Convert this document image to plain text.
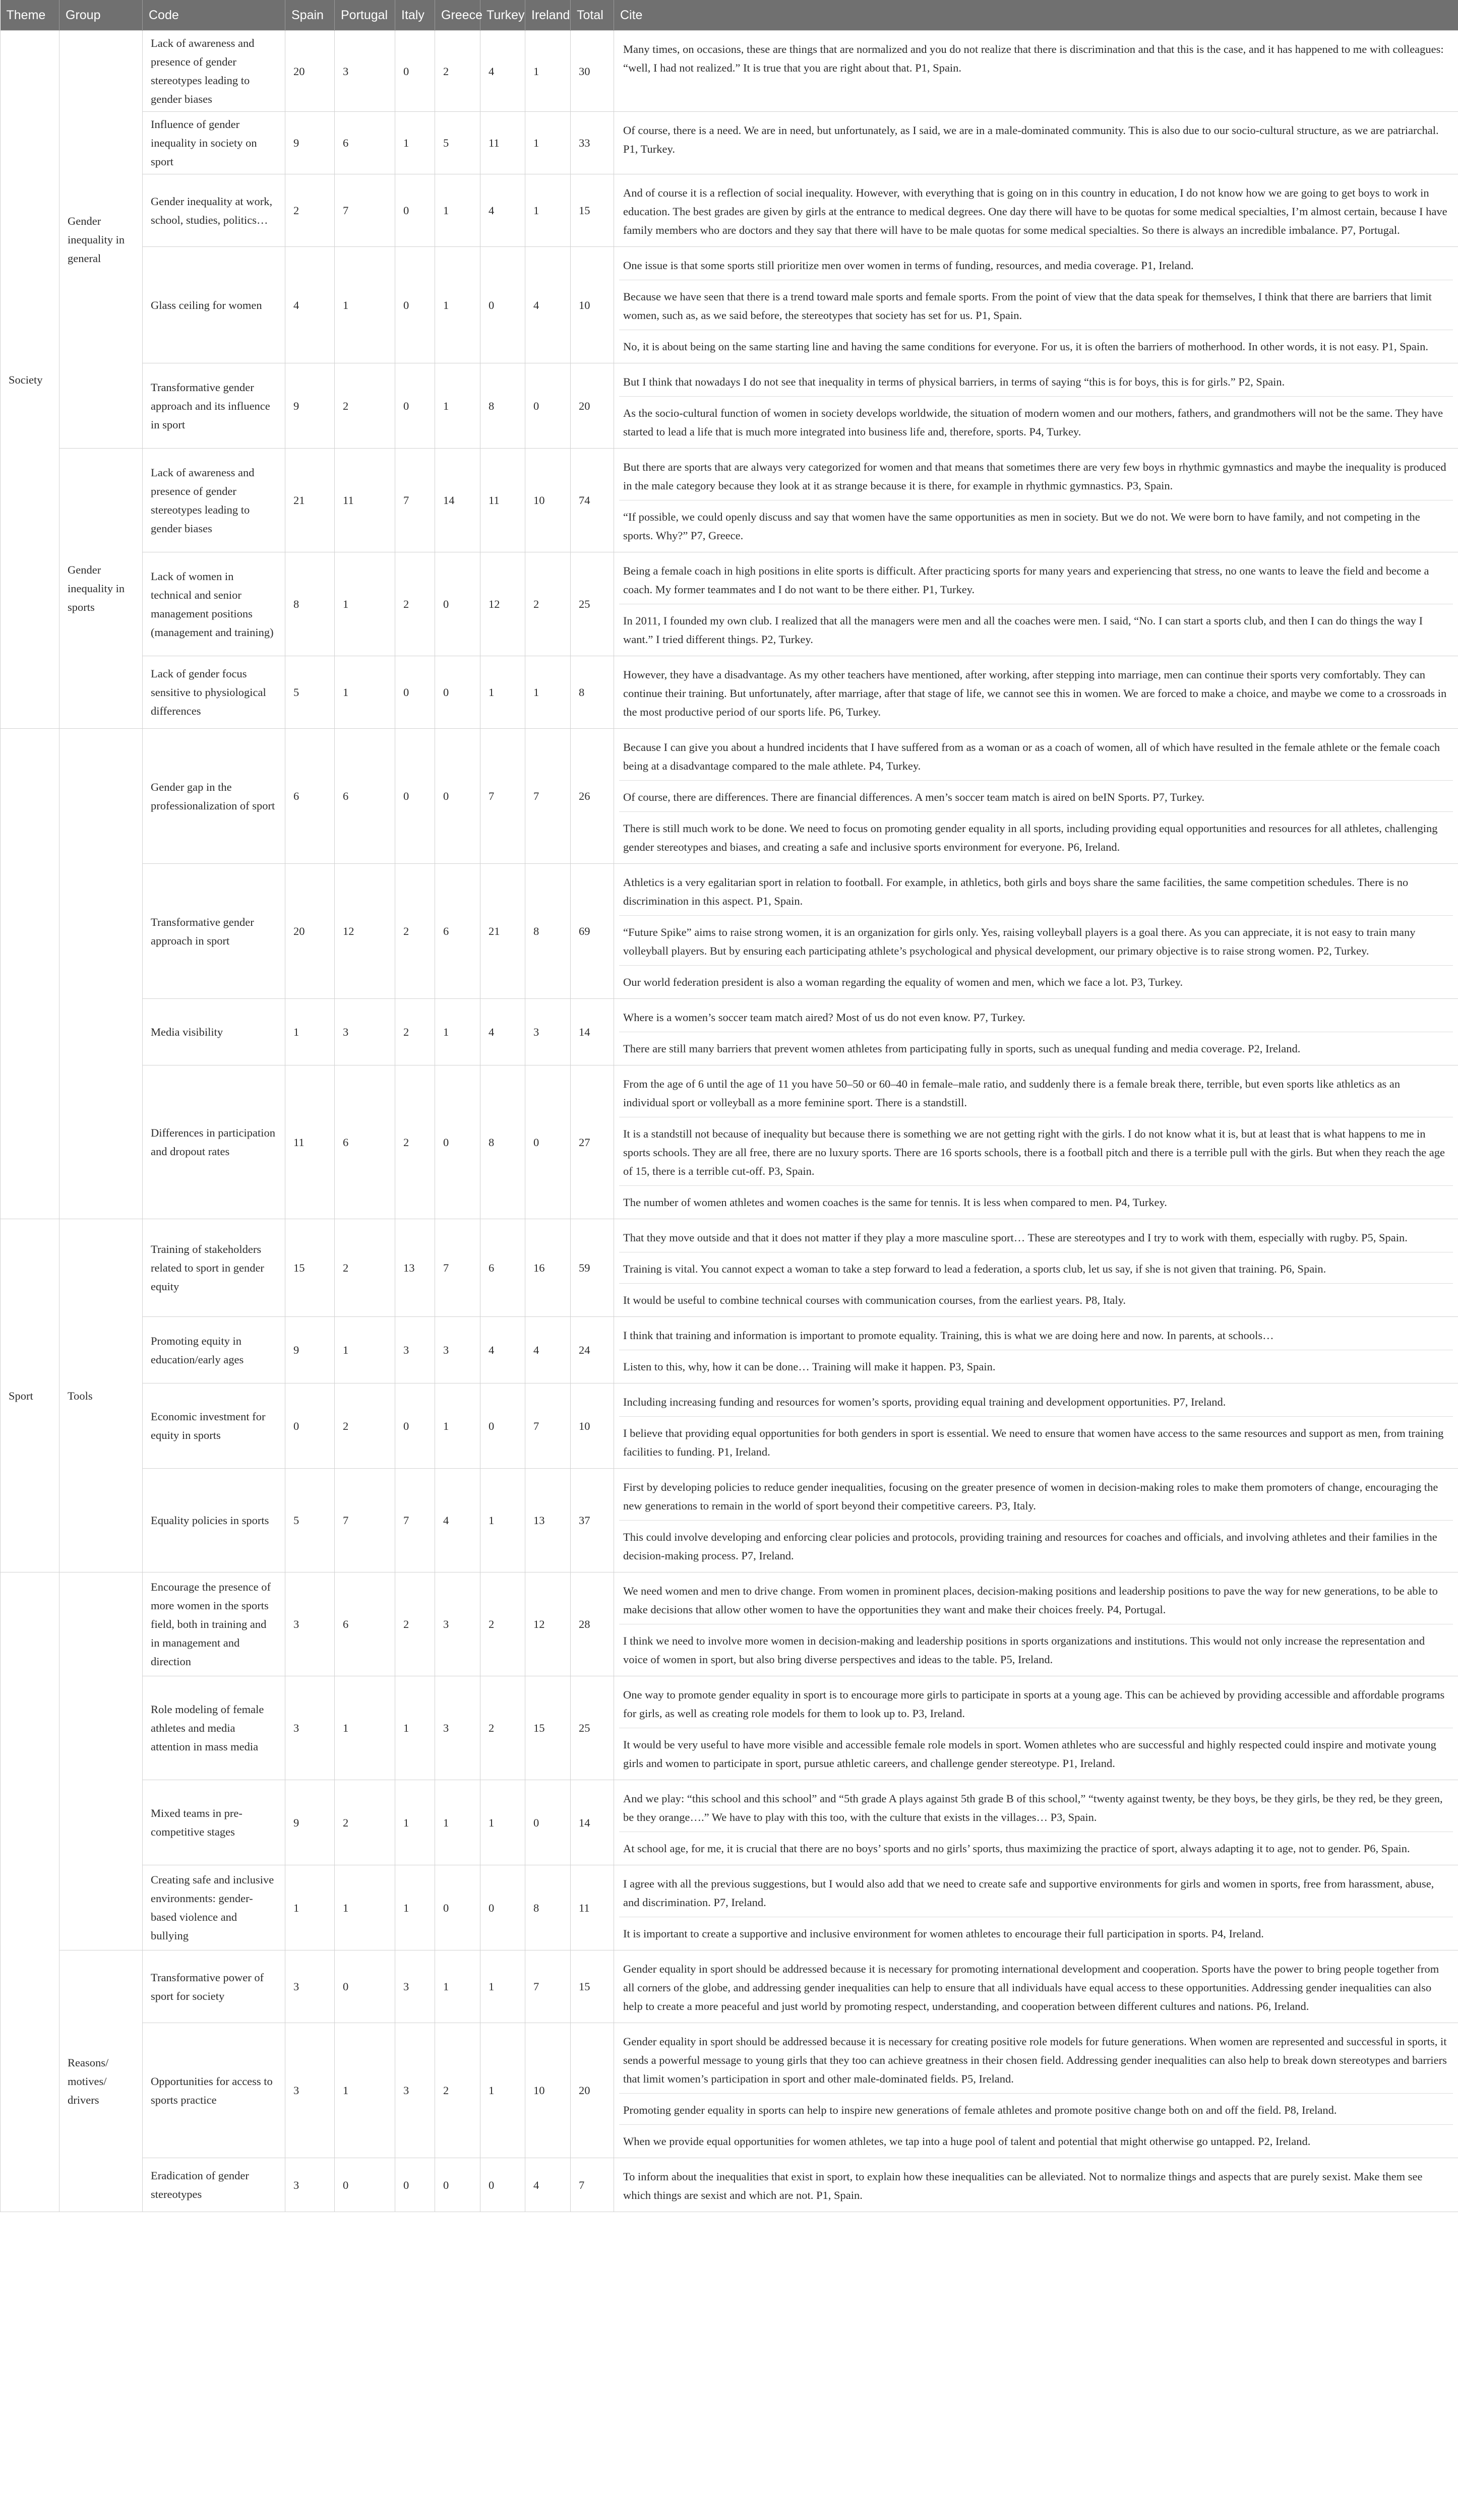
Theme	Group	Code	Spain	Portugal	Italy	Greece	Turkey	Ireland	Total	Cite
Society	Gender inequality in general	Lack of awareness and presence of gender stereotypes leading to gender biases	20	3	0	2	4	1	30	Many times, on occasions, these are things that are normalized and you do not realize that there is discrimination and that this is the case, and it has happened to me with colleagues: “well, I had not realized.” It is true that you are right about that. P1, Spain.

		Influence of gender inequality in society on sport	9	6	1	5	11	1	33	Of course, there is a need. We are in need, but unfortunately, as I said, we are in a male-dominated community. This is also due to our socio-cultural structure, as we are patriarchal. P1, Turkey.

		Gender inequality at work, school, studies, politics…	2	7	0	1	4	1	15	And of course it is a reflection of social inequality. However, with everything that is going on in this country in education, I do not know how we are going to get boys to work in education. The best grades are given by girls at the entrance to medical degrees. One day there will have to be quotas for some medical specialties, I’m almost certain, because I have family members who are doctors and they say that there will have to be male quotas for some medical specialties. So there is always an incredible imbalance. P7, Portugal.

		Glass ceiling for women	4	1	0	1	0	4	10	One issue is that some sports still prioritize men over women in terms of funding, resources, and media coverage. P1, Ireland.
Because we have seen that there is a trend toward male sports and female sports. From the point of view that the data speak for themselves, I think that there are barriers that limit women, such as, as we said before, the stereotypes that society has set for us. P1, Spain.
No, it is about being on the same starting line and having the same conditions for everyone. For us, it is often the barriers of motherhood. In other words, it is not easy. P1, Spain.

		Transformative gender approach and its influence in sport	9	2	0	1	8	0	20	But I think that nowadays I do not see that inequality in terms of physical barriers, in terms of saying “this is for boys, this is for girls.” P2, Spain.
As the socio-cultural function of women in society develops worldwide, the situation of modern women and our mothers, fathers, and grandmothers will not be the same. They have started to lead a life that is much more integrated into business life and, therefore, sports. P4, Turkey.

	Gender inequality in sports	Lack of awareness and presence of gender stereotypes leading to gender biases	21	11	7	14	11	10	74	But there are sports that are always very categorized for women and that means that sometimes there are very few boys in rhythmic gymnastics and maybe the inequality is produced in the male category because they look at it as strange because it is there, for example in rhythmic gymnastics. P3, Spain.
“If possible, we could openly discuss and say that women have the same opportunities as men in society. But we do not. We were born to have family, and not competing in the sports. Why?” P7, Greece.

		Lack of women in technical and senior management positions (management and training)	8	1	2	0	12	2	25	Being a female coach in high positions in elite sports is difficult. After practicing sports for many years and experiencing that stress, no one wants to leave the field and become a coach. My former teammates and I do not want to be there either. P1, Turkey.
In 2011, I founded my own club. I realized that all the managers were men and all the coaches were men. I said, “No. I can start a sports club, and then I can do things the way I want.” I tried different things. P2, Turkey.

		Lack of gender focus sensitive to physiological differences	5	1	0	0	1	1	8	However, they have a disadvantage. As my other teachers have mentioned, after working, after stepping into marriage, men can continue their sports very comfortably. They can continue their training. But unfortunately, after marriage, after that stage of life, we cannot see this in women. We are forced to make a choice, and maybe we come to a crossroads in the most productive period of our sports life. P6, Turkey.

		Gender gap in the professionalization of sport	6	6	0	0	7	7	26	Because I can give you about a hundred incidents that I have suffered from as a woman or as a coach of women, all of which have resulted in the female athlete or the female coach being at a disadvantage compared to the male athlete. P4, Turkey.
Of course, there are differences. There are financial differences. A men’s soccer team match is aired on beIN Sports. P7, Turkey.
There is still much work to be done. We need to focus on promoting gender equality in all sports, including providing equal opportunities and resources for all athletes, challenging gender stereotypes and biases, and creating a safe and inclusive sports environment for everyone. P6, Ireland.

		Transformative gender approach in sport	20	12	2	6	21	8	69	Athletics is a very egalitarian sport in relation to football. For example, in athletics, both girls and boys share the same facilities, the same competition schedules. There is no discrimination in this aspect. P1, Spain.
“Future Spike” aims to raise strong women, it is an organization for girls only. Yes, raising volleyball players is a goal there. As you can appreciate, it is not easy to train many volleyball players. But by ensuring each participating athlete’s psychological and physical development, our primary objective is to raise strong women. P2, Turkey.
Our world federation president is also a woman regarding the equality of women and men, which we face a lot. P3, Turkey.

		Media visibility	1	3	2	1	4	3	14	Where is a women’s soccer team match aired? Most of us do not even know. P7, Turkey.
There are still many barriers that prevent women athletes from participating fully in sports, such as unequal funding and media coverage. P2, Ireland.

		Differences in participation and dropout rates	11	6	2	0	8	0	27	From the age of 6 until the age of 11 you have 50–50 or 60–40 in female–male ratio, and suddenly there is a female break there, terrible, but even sports like athletics as an individual sport or volleyball as a more feminine sport. There is a standstill.
It is a standstill not because of inequality but because there is something we are not getting right with the girls. I do not know what it is, but at least that is what happens to me in sports schools. They are all free, there are no luxury sports. There are 16 sports schools, there is a football pitch and there is a terrible pull with the girls. But when they reach the age of 15, there is a terrible cut-off. P3, Spain.
The number of women athletes and women coaches is the same for tennis. It is less when compared to men. P4, Turkey.

Sport	Tools	Training of stakeholders related to sport in gender equity	15	2	13	7	6	16	59	That they move outside and that it does not matter if they play a more masculine sport… These are stereotypes and I try to work with them, especially with rugby. P5, Spain.
Training is vital. You cannot expect a woman to take a step forward to lead a federation, a sports club, let us say, if she is not given that training. P6, Spain.
It would be useful to combine technical courses with communication courses, from the earliest years. P8, Italy.

		Promoting equity in education/early ages	9	1	3	3	4	4	24	I think that training and information is important to promote equality. Training, this is what we are doing here and now. In parents, at schools…
Listen to this, why, how it can be done… Training will make it happen. P3, Spain.

		Economic investment for equity in sports	0	2	0	1	0	7	10	Including increasing funding and resources for women’s sports, providing equal training and development opportunities. P7, Ireland.
I believe that providing equal opportunities for both genders in sport is essential. We need to ensure that women have access to the same resources and support as men, from training facilities to funding. P1, Ireland.

		Equality policies in sports	5	7	7	4	1	13	37	First by developing policies to reduce gender inequalities, focusing on the greater presence of women in decision-making roles to make them promoters of change, encouraging the new generations to remain in the world of sport beyond their competitive careers. P3, Italy.
This could involve developing and enforcing clear policies and protocols, providing training and resources for coaches and officials, and involving athletes and their families in the decision-making process. P7, Ireland.

		Encourage the presence of more women in the sports field, both in training and in management and direction	3	6	2	3	2	12	28	We need women and men to drive change. From women in prominent places, decision-making positions and leadership positions to pave the way for new generations, to be able to make decisions that allow other women to have the opportunities they want and make their choices freely. P4, Portugal.
I think we need to involve more women in decision-making and leadership positions in sports organizations and institutions. This would not only increase the representation and voice of women in sport, but also bring diverse perspectives and ideas to the table. P5, Ireland.

		Role modeling of female athletes and media attention in mass media	3	1	1	3	2	15	25	One way to promote gender equality in sport is to encourage more girls to participate in sports at a young age. This can be achieved by providing accessible and affordable programs for girls, as well as creating role models for them to look up to. P3, Ireland.
It would be very useful to have more visible and accessible female role models in sport. Women athletes who are successful and highly respected could inspire and motivate young girls and women to participate in sport, pursue athletic careers, and challenge gender stereotype. P1, Ireland.

		Mixed teams in pre-competitive stages	9	2	1	1	1	0	14	And we play: “this school and this school” and “5th grade A plays against 5th grade B of this school,” “twenty against twenty, be they boys, be they girls, be they red, be they green, be they orange….” We have to play with this too, with the culture that exists in the villages… P3, Spain.
At school age, for me, it is crucial that there are no boys’ sports and no girls’ sports, thus maximizing the practice of sport, always adapting it to age, not to gender. P6, Spain.

		Creating safe and inclusive environments: gender-based violence and bullying	1	1	1	0	0	8	11	I agree with all the previous suggestions, but I would also add that we need to create safe and supportive environments for girls and women in sports, free from harassment, abuse, and discrimination. P7, Ireland.
It is important to create a supportive and inclusive environment for women athletes to encourage their full participation in sports. P4, Ireland.

	Reasons/ motives/ drivers	Transformative power of sport for society	3	0	3	1	1	7	15	Gender equality in sport should be addressed because it is necessary for promoting international development and cooperation. Sports have the power to bring people together from all corners of the globe, and addressing gender inequalities can help to ensure that all individuals have equal access to these opportunities. Addressing gender inequalities can also help to create a more peaceful and just world by promoting respect, understanding, and cooperation between different cultures and nations. P6, Ireland.

		Opportunities for access to sports practice	3	1	3	2	1	10	20	Gender equality in sport should be addressed because it is necessary for creating positive role models for future generations. When women are represented and successful in sports, it sends a powerful message to young girls that they too can achieve greatness in their chosen field. Addressing gender inequalities can also help to break down stereotypes and barriers that limit women’s participation in sport and other male-dominated fields. P5, Ireland.
Promoting gender equality in sports can help to inspire new generations of female athletes and promote positive change both on and off the field. P8, Ireland.
When we provide equal opportunities for women athletes, we tap into a huge pool of talent and potential that might otherwise go untapped. P2, Ireland.

		Eradication of gender stereotypes	3	0	0	0	0	4	7	To inform about the inequalities that exist in sport, to explain how these inequalities can be alleviated. Not to normalize things and aspects that are purely sexist. Make them see which things are sexist and which are not. P1, Spain.
